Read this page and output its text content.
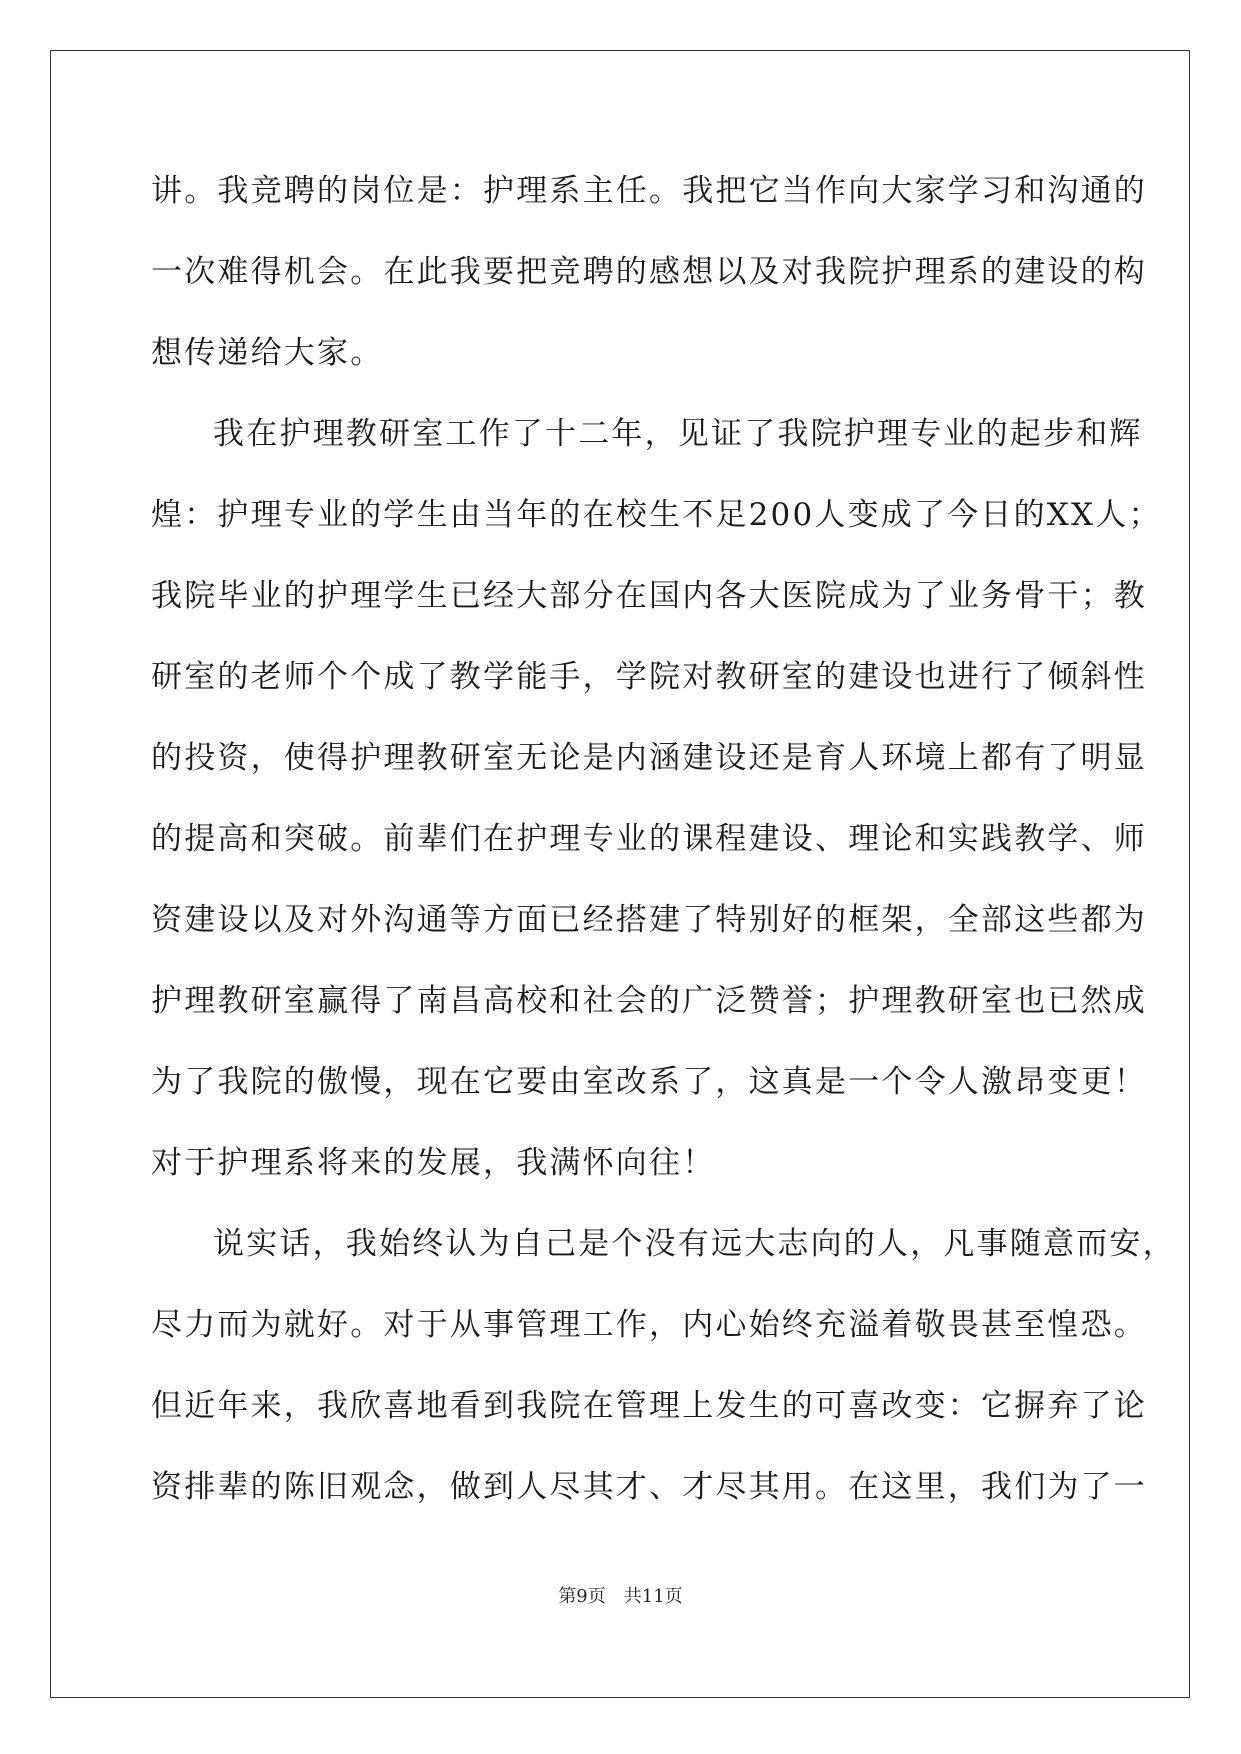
讲。我竞聘的岗位是：护理系主任。我把它当作向大家学习和沟通的
一次难得机会。在此我要把竞聘的感想以及对我院护理系的建设的构
想传递给大家。
我在护理教研室工作了十二年，见证了我院护理专业的起步和辉
煌：护理专业的学生由当年的在校生不足200人变成了今日的XX人；
我院毕业的护理学生已经大部分在国内各大医院成为了业务骨干；教
研室的老师个个成了教学能手，学院对教研室的建设也进行了倾斜性
的投资，使得护理教研室无论是内涵建设还是育人环境上都有了明显
的提高和突破。前辈们在护理专业的课程建设、理论和实践教学、师
资建设以及对外沟通等方面已经搭建了特别好的框架，全部这些都为
护理教研室赢得了南昌高校和社会的广泛赞誉；护理教研室也已然成
为了我院的傲慢，现在它要由室改系了，这真是一个令人激昂变更！
对于护理系将来的发展，我满怀向往！
说实话，我始终认为自己是个没有远大志向的人，凡事随意而安，
尽力而为就好。对于从事管理工作，内心始终充溢着敬畏甚至惶恐。
但近年来，我欣喜地看到我院在管理上发生的可喜改变：它摒弃了论
资排辈的陈旧观念，做到人尽其才、才尽其用。在这里，我们为了一
第9页 共11页
